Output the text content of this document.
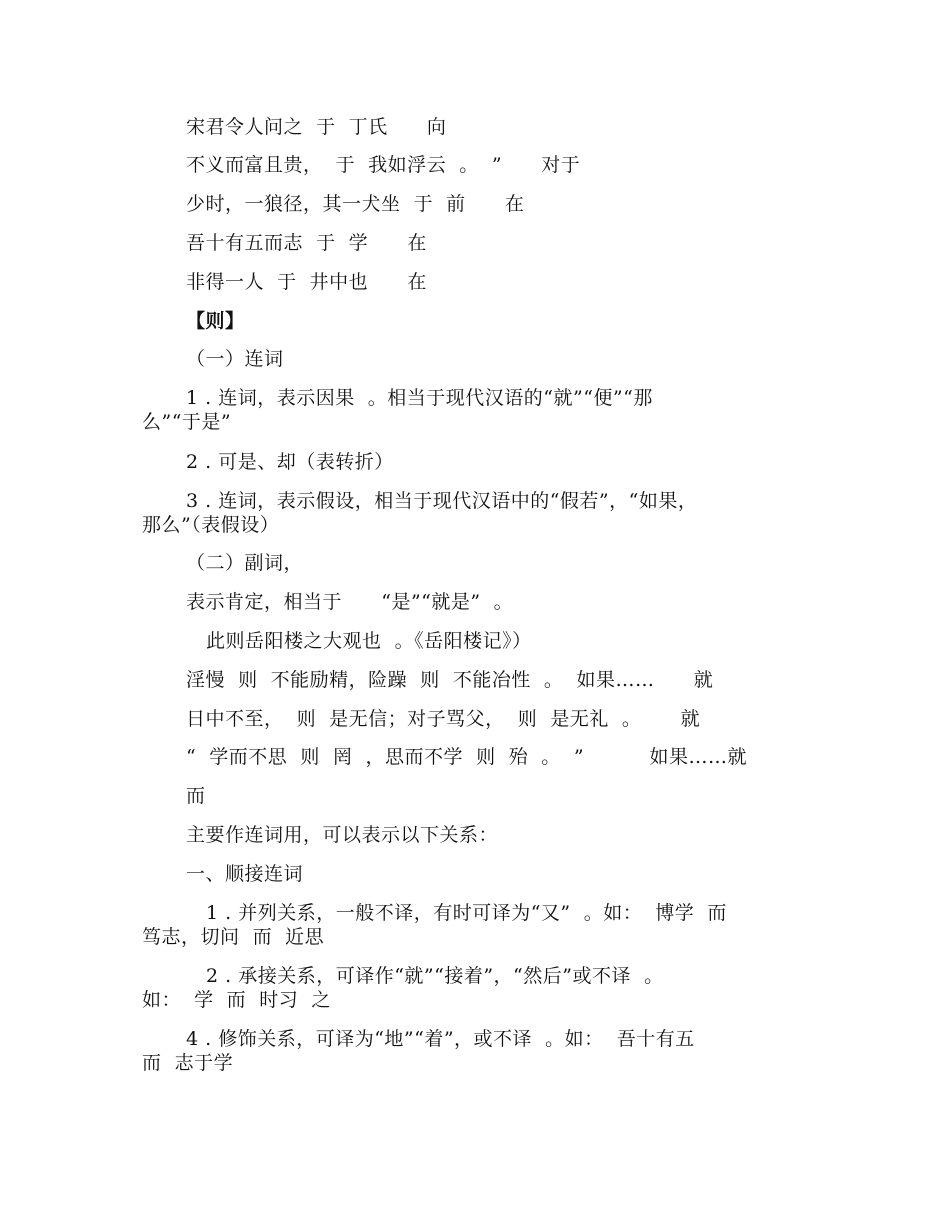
宋君令人问之  于  丁氏      向
不义而富且贵，  于  我如浮云  。  ”      对于
少时，一狼径，其一犬坐  于  前      在
吾十有五而志  于  学      在
非得一人  于  井中也      在
【则】
（一）连词
1 . 连词，表示因果  。相当于现代汉语的“就”“便”“那
么”“于是”
2 . 可是、却（表转折）
3 . 连词，表示假设，相当于现代汉语中的“假若”，“如果，
那么”（表假设）
（二）副词，
表示肯定，相当于      “是”“就是”  。
此则岳阳楼之大观也  。《岳阳楼记》）
淫慢  则  不能励精，险躁  则  不能冶性  。  如果……      就
日中不至，  则  是无信；对子骂父，  则  是无礼  。      就
“  学而不思  则  罔  ，思而不学  则  殆  。  ”          如果……就
而
主要作连词用，可以表示以下关系：
一、顺接连词
1 . 并列关系，一般不译，有时可译为“又”  。如：  博学  而
笃志，切问  而  近思
2 . 承接关系，可译作“就”“接着”，“然后”或不译  。
如：  学  而  时习  之
4 . 修饰关系，可译为“地”“着”，或不译  。如：  吾十有五
而  志于学
